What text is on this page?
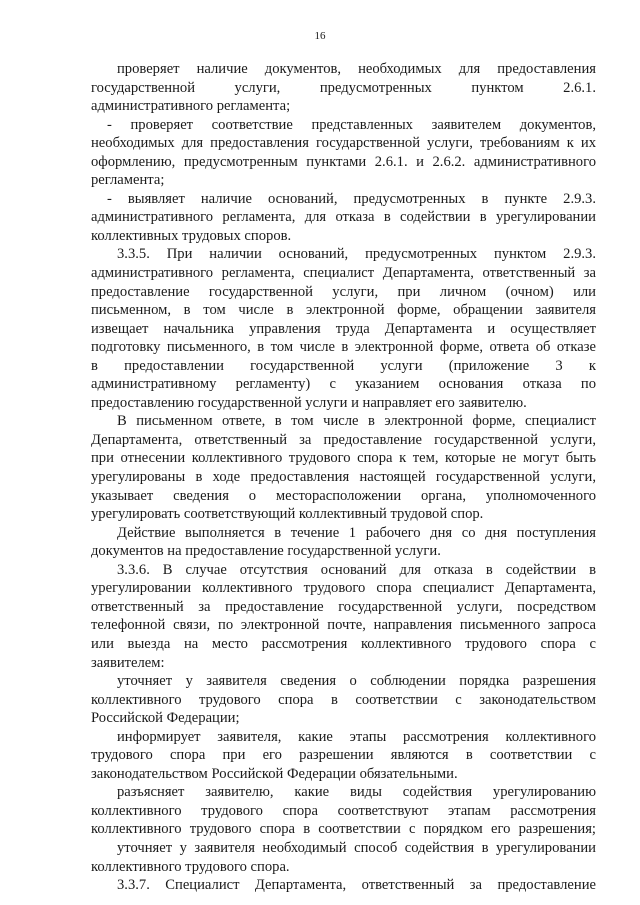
16
проверяет наличие документов, необходимых для предоставления
государственной услуги, предусмотренных пунктом 2.6.1.
административного регламента;
- проверяет соответствие представленных заявителем документов,
необходимых для предоставления государственной услуги, требованиям к их
оформлению, предусмотренным пунктами 2.6.1. и 2.6.2. административного
регламента;
- выявляет наличие оснований, предусмотренных в пункте 2.9.3.
административного регламента, для отказа в содействии в урегулировании
коллективных трудовых споров.
3.3.5. При наличии оснований, предусмотренных пунктом 2.9.3.
административного регламента, специалист Департамента, ответственный за
предоставление государственной услуги, при личном (очном) или
письменном, в том числе в электронной форме, обращении заявителя
извещает начальника управления труда Департамента и осуществляет
подготовку письменного, в том числе в электронной форме, ответа об отказе
в предоставлении государственной услуги (приложение 3 к
административному регламенту) с указанием основания отказа по
предоставлению государственной услуги и направляет его заявителю.
В письменном ответе, в том числе в электронной форме, специалист
Департамента, ответственный за предоставление государственной услуги,
при отнесении коллективного трудового спора к тем, которые не могут быть
урегулированы в ходе предоставления настоящей государственной услуги,
указывает сведения о месторасположении органа, уполномоченного
урегулировать соответствующий коллективный трудовой спор.
Действие выполняется в течение 1 рабочего дня со дня поступления
документов на предоставление государственной услуги.
3.3.6. В случае отсутствия оснований для отказа в содействии в
урегулировании коллективного трудового спора специалист Департамента,
ответственный за предоставление государственной услуги, посредством
телефонной связи, по электронной почте, направления письменного запроса
или выезда на место рассмотрения коллективного трудового спора с
заявителем:
уточняет у заявителя сведения о соблюдении порядка разрешения
коллективного трудового спора в соответствии с законодательством
Российской Федерации;
информирует заявителя, какие этапы рассмотрения коллективного
трудового спора при его разрешении являются в соответствии с
законодательством Российской Федерации обязательными.
разъясняет заявителю, какие виды содействия урегулированию
коллективного трудового спора соответствуют этапам рассмотрения
коллективного трудового спора в соответствии с порядком его разрешения;
уточняет у заявителя необходимый способ содействия в урегулировании
коллективного трудового спора.
3.3.7. Специалист Департамента, ответственный за предоставление
